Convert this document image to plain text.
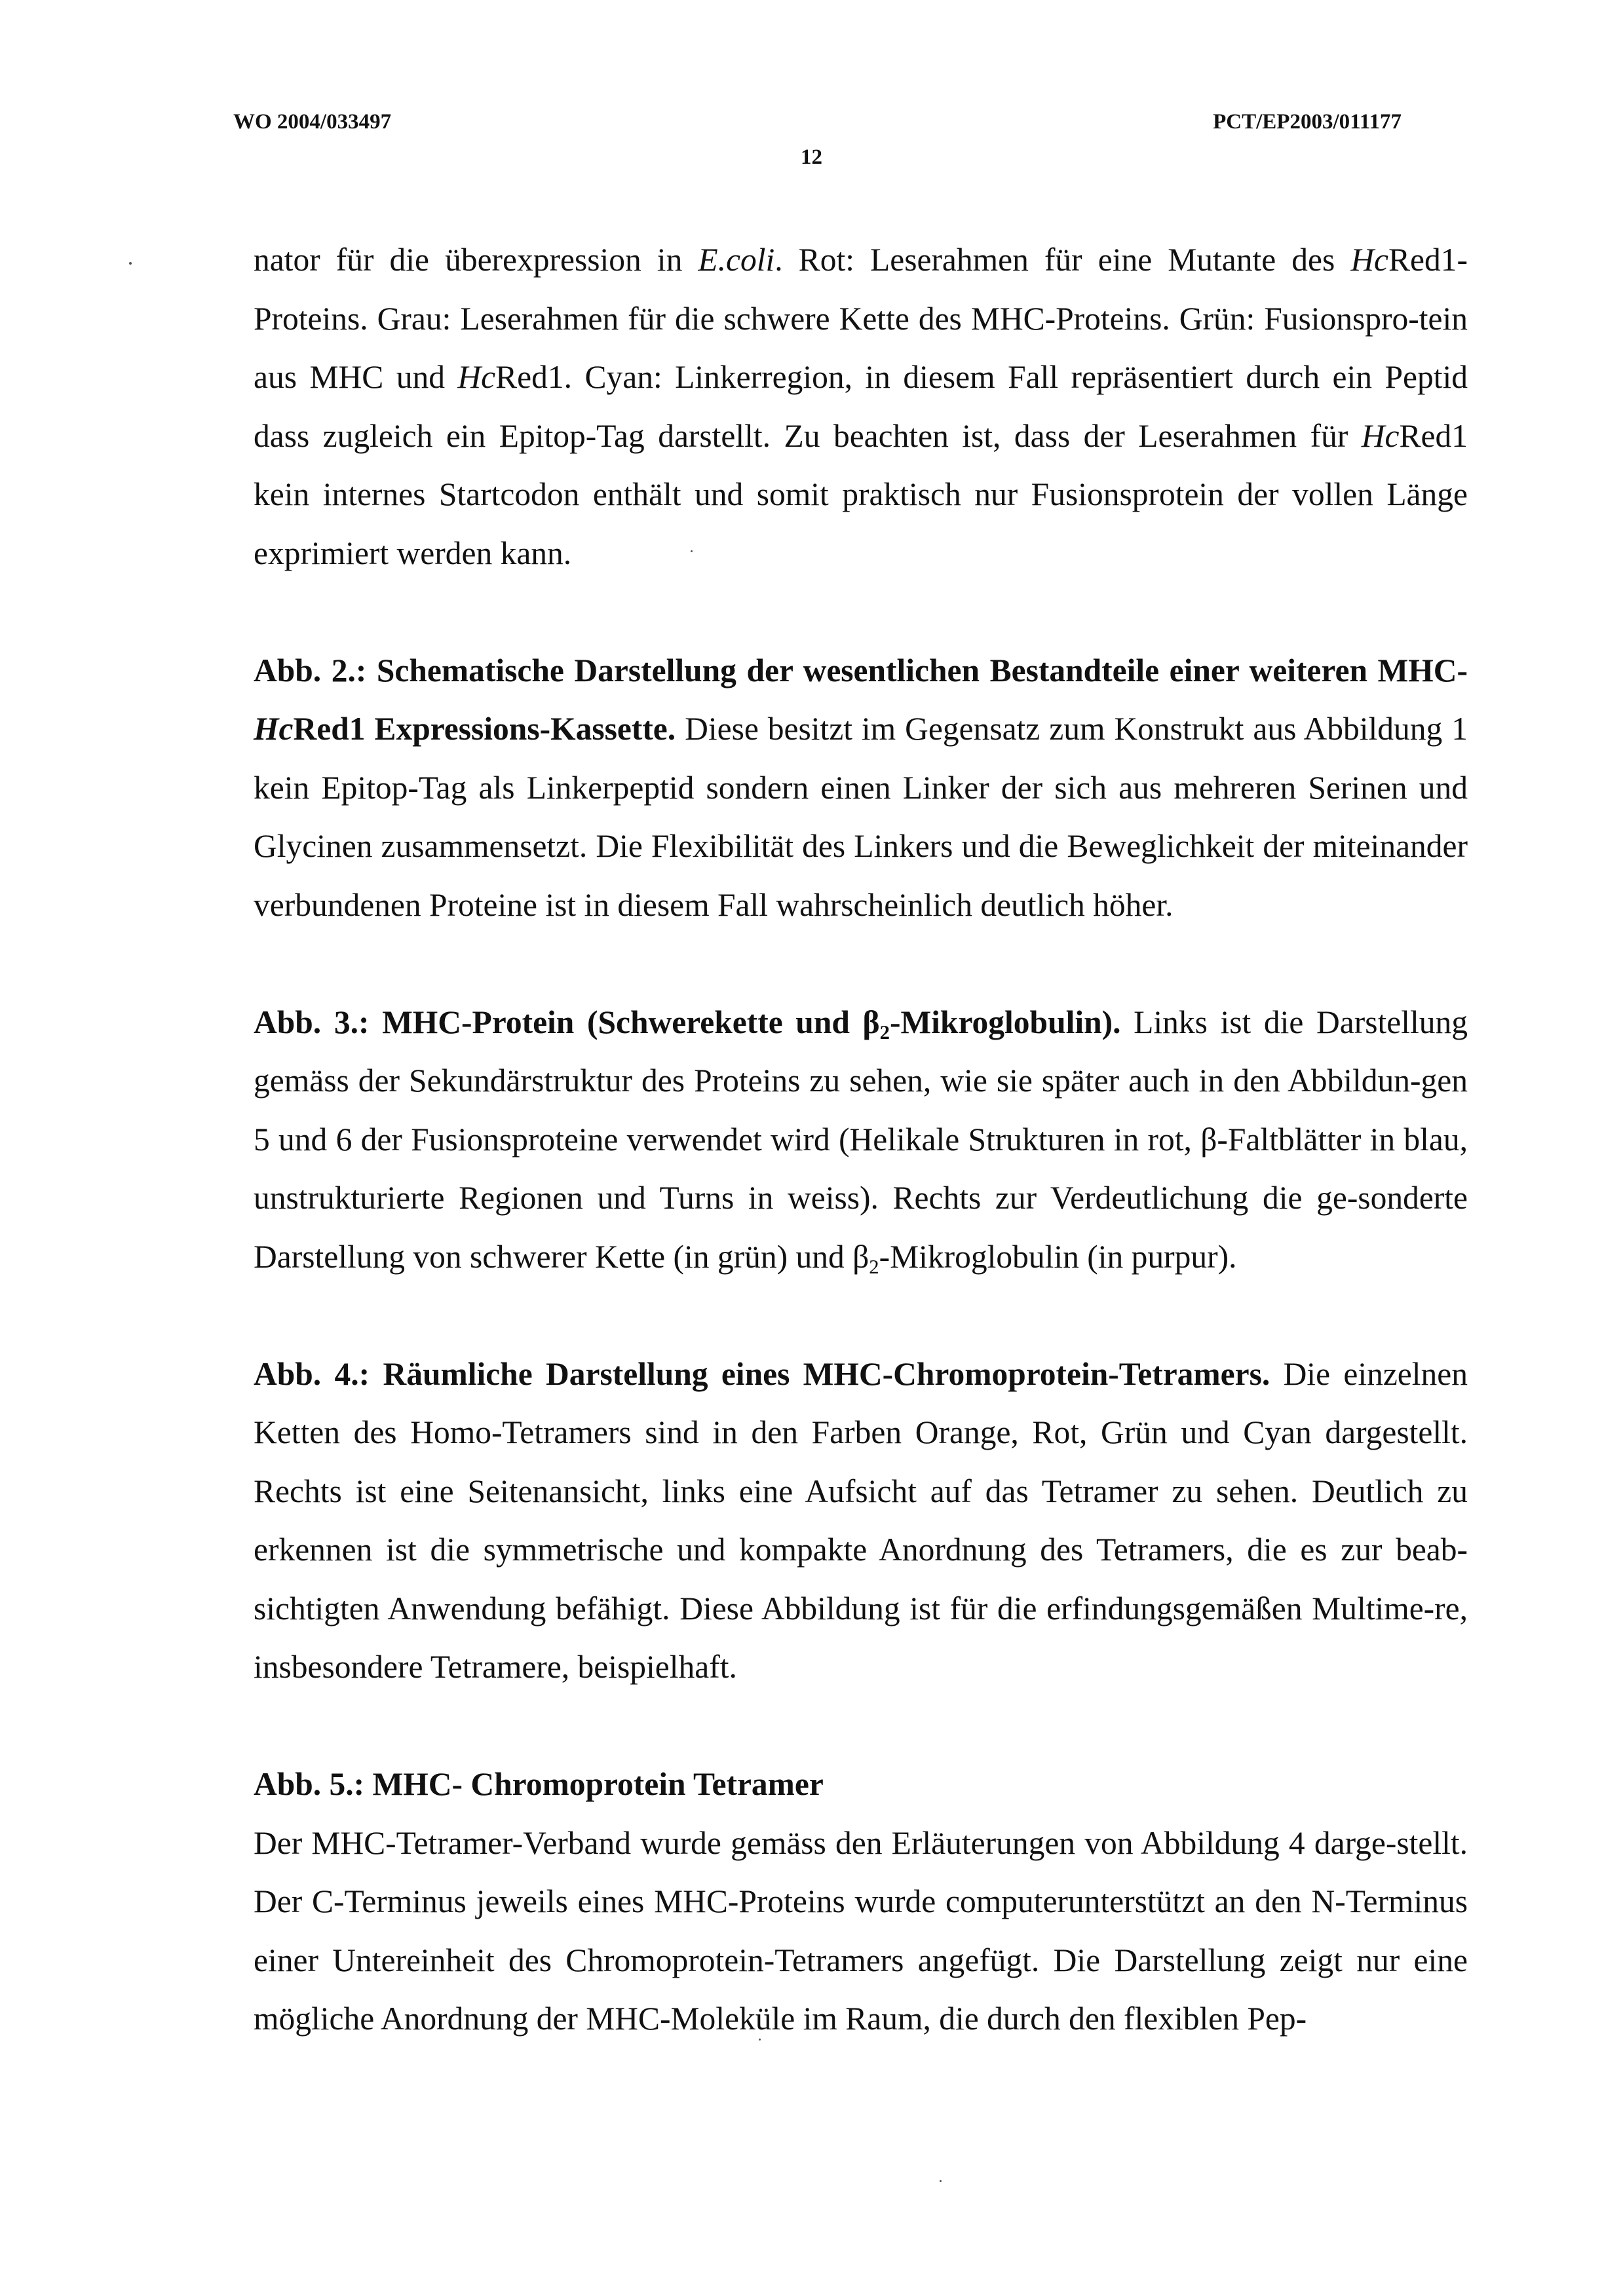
WO 2004/033497
12
PCT/EP2003/011177

nator für die überexpression in E.coli. Rot: Leserahmen für eine Mutante des HcRed1-Proteins. Grau: Leserahmen für die schwere Kette des MHC-Proteins. Grün: Fusionspro-tein aus MHC und HcRed1. Cyan: Linkerregion, in diesem Fall repräsentiert durch ein Peptid dass zugleich ein Epitop-Tag darstellt. Zu beachten ist, dass der Leserahmen für HcRed1 kein internes Startcodon enthält und somit praktisch nur Fusionsprotein der vollen Länge exprimiert werden kann.

Abb. 2.: Schematische Darstellung der wesentlichen Bestandteile einer weiteren MHC-HcRed1 Expressions-Kassette. Diese besitzt im Gegensatz zum Konstrukt aus Abbildung 1 kein Epitop-Tag als Linkerpeptid sondern einen Linker der sich aus mehreren Serinen und Glycinen zusammensetzt. Die Flexibilität des Linkers und die Beweglichkeit der miteinander verbundenen Proteine ist in diesem Fall wahrscheinlich deutlich höher.

Abb. 3.: MHC-Protein (Schwerekette und $\beta_2-Mikroglobulin$). Links ist die Darstellung gemäss der Sekundärstruktur des Proteins zu sehen, wie sie später auch in den Abbildun-gen 5 und 6 der Fusionsproteine verwendet wird (Helikale Strukturen in rot, β-Faltblätter in blau, unstrukturierte Regionen und Turns in weiss). Rechts zur Verdeutlichung die ge-sonderte Darstellung von schwerer Kette (in grün) und $\beta_2$-Mikroglobulin (in purpur).

Abb. 4.: Räumliche Darstellung eines MHC-Chromoprotein-Tetramers. Die einzelnen Ketten des Homo-Tetramers sind in den Farben Orange, Rot, Grün und Cyan dargestellt. Rechts ist eine Seitenansicht, links eine Aufsicht auf das Tetramer zu sehen. Deutlich zu erkennen ist die symmetrische und kompakte Anordnung des Tetramers, die es zur beab-sichtigten Anwendung befähigt. Diese Abbildung ist für die erfindungsgemäßen Multime-re, insbesondere Tetramere, beispielhaft.

Abb. 5.: MHC- Chromoprotein Tetramer

Der MHC-Tetramer-Verband wurde gemäss den Erläuterungen von Abbildung 4 darge-stellt. Der C-Terminus jeweils eines MHC-Proteins wurde computerunterstützt an den N-Terminus einer Untereinheit des Chromoprotein-Tetramers angefügt. Die Darstellung zeigt nur eine mögliche Anordnung der MHC-Moleküle im Raum, die durch den flexiblen Pep-
